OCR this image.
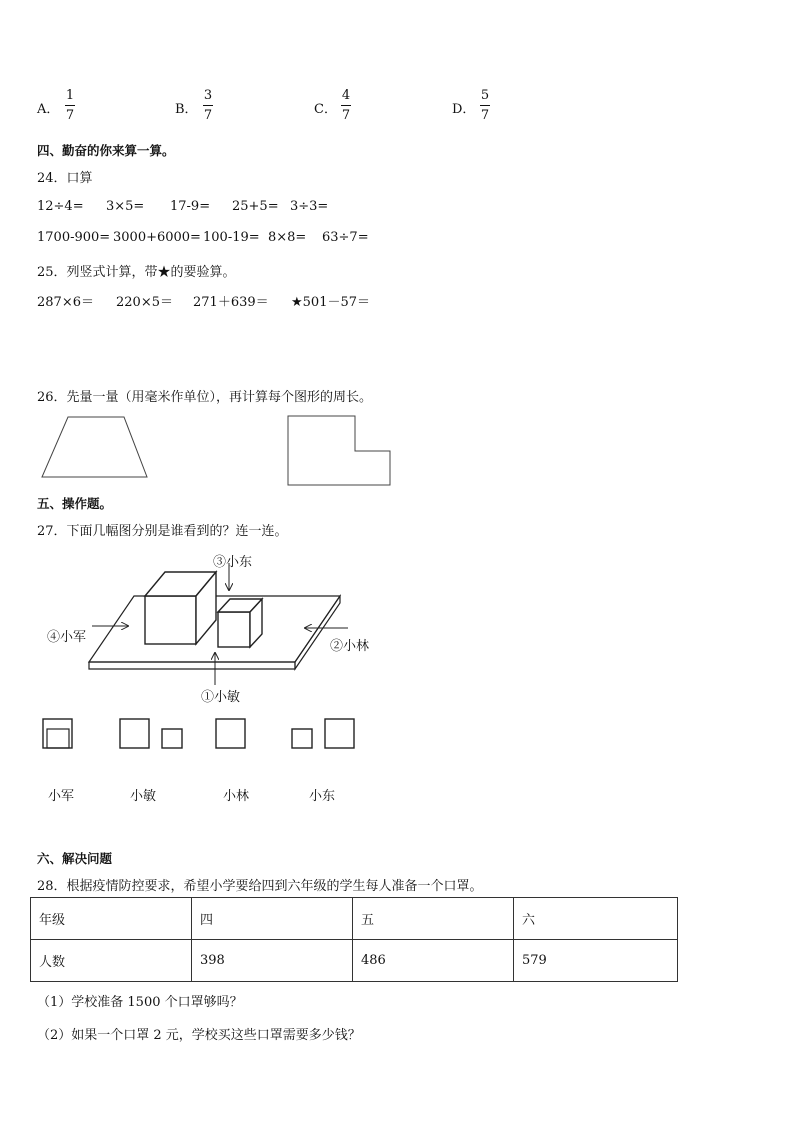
A．
1
7	B．
3
7	C．
4
7	D．
5
7
四、勤奋的你来算一算。
24．口算
12÷4= 3×5= 17-9= 25+5= 3÷3=
1700-900= 3000+6000= 100-19= 8×8= 63÷7=
25．列竖式计算，带★的要验算。
287×6＝ 220×5＝ 271＋639＝ ★501－57＝
26．先量一量（用毫米作单位），再计算每个图形的周长。
五、操作题。
27．下面几幅图分别是谁看到的？连一连。
③小东
④小军
②小林
①小敏
小军	小敏	小林	小东
六、解决问题
28．根据疫情防控要求，希望小学要给四到六年级的学生每人准备一个口罩。
年级	四	五	六
人数	398	486	579
（1）学校准备 1500 个口罩够吗？
（2）如果一个口罩 2 元，学校买这些口罩需要多少钱？
